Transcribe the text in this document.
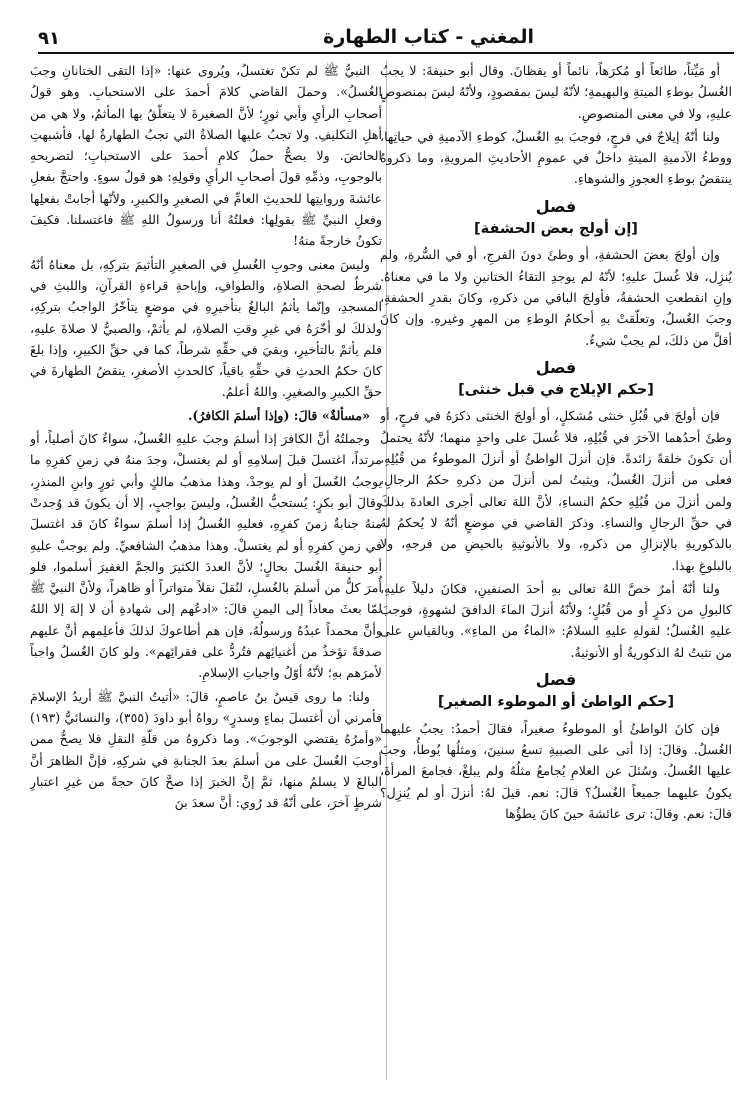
المغني - كتاب الطهارة
٩١

أو مَيِّتاً، طائعاً أو مُكرَهاً، نائماً أو يقظانَ. وقال أبو حنيفةَ: لا يجبُ الغُسلُ بوطءِ الميتةِ والبهيمةِ؛ لأنّهُ ليسَ بمقصودٍ، ولأنّهُ ليسَ بمنصوصٍ عليهِ، ولا في معنى المنصوصِ.

ولنا أنّهُ إيلاجٌ في فرجٍ، فوجبَ بهِ الغُسلُ، كوطءِ الآدميةِ في حياتِها، ووطءُ الآدميةِ الميتةِ داخلٌ في عمومِ الأحاديثِ المرويةِ، وما ذكروهُ ينتقضُ بوطءِ العجوزِ والشوهاءِ.

فصل
[إن أولج بعض الحشفة]

وإن أولجَ بعضَ الحشفةِ، أو وطئَ دونَ الفرجِ، أو في السُّرةِ، ولم يُنزِل، فلا غُسلَ عليهِ؛ لأنّهُ لم يوجدِ التقاءُ الختانينِ ولا ما في معناهُ. وإنِ انقطعتِ الحشفةُ، فأولجَ الباقي من ذكرهِ، وكانَ بقدرِ الحشفةِ، وجبَ الغُسلُ، وتعلّقتْ بهِ أحكامُ الوطءِ من المهرِ وغيرهِ. وإن كانَ أقلَّ من ذلكَ، لم يجبْ شيءٌ.

فصل
[حكم الإيلاج في قبل خنثى]

فإن أولجَ في قُبُلِ خنثى مُشكلٍ، أو أولجَ الخنثى ذكرَهُ في فرجٍ، أو وطئَ أحدُهما الآخرَ في قُبُلِهِ، فلا غُسلَ على واحدٍ منهما؛ لأنّهُ يحتملُ أن تكونَ خلقةً زائدةً. فإن أنزلَ الواطئُ أو أنزلَ الموطوءُ من قُبُلِهِ، فعلى من أنزلَ الغُسلُ، ويثبتُ لمن أنزلَ من ذكرهِ حكمُ الرجالِ، ولمن أنزلَ من قُبُلِهِ حكمُ النساءِ، لأنَّ اللهَ تعالى أجرى العادةَ بذلكَ في حقِّ الرجالِ والنساءِ. وذكرَ القاضي في موضعٍ أنّهُ لا يُحكمُ لهُ بالذكوريةِ بالإنزالِ من ذكرهِ، ولا بالأنوثيةِ بالحيضِ من فرجهِ، ولا بالبلوغِ بهذا.

ولنا أنّهُ أمرٌ خصَّ اللهُ تعالى بهِ أحدَ الصنفينِ، فكانَ دليلاً عليهِ، كالبولِ من ذكرٍ أو من قُبُلٍ؛ ولأنّهُ أنزلَ الماءَ الدافقَ لشهوةٍ، فوجبَ عليهِ الغُسلُ؛ لقولهِ عليهِ السلامُ: «الماءُ من الماءِ». وبالقياسِ على من تثبتُ لهُ الذكوريةُ أو الأنوثيةُ.

فصل
[حكم الواطئ أو الموطوء الصغير]

فإن كانَ الواطئُ أو الموطوءُ صغيراً، فقالَ أحمدُ: يجبُ عليهما الغُسلُ. وقالَ: إذا أتى على الصبيةِ تسعُ سنينَ، ومثلُها يُوطأُ، وجبَ عليها الغُسلُ. وسُئلَ عن الغلامِ يُجامعُ مثلُهُ ولم يبلغْ، فجامعَ المرأةَ، يكونُ عليهما جميعاً الغُسلُ؟ قالَ: نعم. قيلَ لهُ: أنزلَ أو لم يُنزِل؟ قالَ: نعم. وقالَ: ترى عائشةَ حينَ كانَ يطؤُها

النبيُّ ﷺ لم تكنْ تغتسلُ، ويُروى عنها: «إذا التقى الختانانِ وجبَ الغُسلُ». وحملَ القاضي كلامَ أحمدَ على الاستحبابِ. وهو قولُ أصحابِ الرأيِ وأبي ثورٍ؛ لأنَّ الصغيرةَ لا يتعلّقُ بها المأثمُ، ولا هي من أهلِ التكليفِ. ولا تجبُ عليها الصلاةُ التي تجبُ الطهارةُ لها، فأشبهتِ الحائضَ. ولا يصحُّ حملُ كلامِ أحمدَ على الاستحبابِ؛ لتصريحهِ بالوجوبِ، وذمِّهِ قولَ أصحابِ الرأيِ وقولِهِ: هو قولُ سوءٍ. واحتجَّ بفعلِ عائشةَ وروايتِها للحديثِ العامِّ في الصغيرِ والكبيرِ، ولأنّها أجابتْ بفعلِها وفعلِ النبيِّ ﷺ بقولِها: فعلتُهُ أنا ورسولُ اللهِ ﷺ فاغتسلنا. فكيفَ تكونُ خارجةً منهُ!

وليسَ معنى وجوبِ الغُسلِ في الصغيرِ التأثيمَ بتركِهِ، بل معناهُ أنّهُ شرطٌ لصحةِ الصلاةِ، والطوافِ، وإباحةِ قراءةِ القرآنِ، واللبثِ في المسجدِ، وإنّما يأثمُ البالغُ بتأخيرِهِ في موضعٍ يتأخّرُ الواجبُ بتركِهِ، ولذلكَ لو أخّرَهُ في غيرِ وقتِ الصلاةِ، لم يأثمْ، والصبيُّ لا صلاةَ عليهِ، فلم يأثمْ بالتأخيرِ، وبقيَ في حقِّهِ شرطاً، كما في حقِّ الكبيرِ، وإذا بلغَ كانَ حكمُ الحدثِ في حقِّهِ باقياً، كالحدثِ الأصغرِ، ينقضُ الطهارةَ في حقِّ الكبيرِ والصغيرِ. واللهُ أعلمُ.

«مسألةٌ» قالَ: (وإذا أسلمَ الكافرُ).

وجملتُهُ أنَّ الكافرَ إذا أسلمَ وجبَ عليهِ الغُسلُ، سواءٌ كانَ أصلياً، أو مرتداً، اغتسلَ قبلَ إسلامِهِ أو لم يغتسلْ، وجدَ منهُ في زمنِ كفرِهِ ما يوجبُ الغُسلَ أو لم يوجدْ. وهذا مذهبُ مالكٍ وأبي ثورٍ وابنِ المنذرِ، وقالَ أبو بكرٍ: يُستحبُّ الغُسلُ، وليسَ بواجبٍ، إلا أن يكونَ قد وُجدتْ منهُ جنابةٌ زمنَ كفرِهِ، فعليهِ الغُسلُ إذا أسلمَ سواءٌ كانَ قد اغتسلَ في زمنِ كفرِهِ أو لم يغتسلْ. وهذا مذهبُ الشافعيِّ. ولم يوجبْ عليهِ أبو حنيفةَ الغُسلَ بحالٍ؛ لأنَّ العددَ الكثيرَ والجمَّ الغفيرَ أسلموا، فلو أُمرَ كلُّ من أسلمَ بالغُسلِ، لنُقلَ نقلاً متواتراً أو ظاهراً، ولأنَّ النبيَّ ﷺ لمّا بعثَ معاذاً إلى اليمنِ قالَ: «ادعُهم إلى شهادةِ أن لا إلهَ إلا اللهُ وأنَّ محمداً عبدُهُ ورسولُهُ، فإن هم أطاعوكَ لذلكَ فأعلِمهم أنَّ عليهم صدقةً تؤخذُ من أغنيائِهم فتُردُّ على فقرائِهم». ولو كانَ الغُسلُ واجباً لأمرَهم بهِ؛ لأنّهُ أوّلُ واجباتِ الإسلامِ.

ولنا: ما روى قيسُ بنُ عاصمٍ، قالَ: «أتيتُ النبيَّ ﷺ أريدُ الإسلامَ فأمرني أن أغتسلَ بماءٍ وسدرٍ» رواهُ أبو داودَ (٣٥٥)، والنسائيُّ (١٩٣) «وأمرُهُ يقتضي الوجوبَ». وما ذكروهُ من قلّةِ النقلِ فلا يصحُّ ممن أوجبَ الغُسلَ على من أسلمَ بعدَ الجنابةِ في شركِهِ، فإنَّ الظاهرَ أنَّ البالغَ لا يسلمُ منها، ثمَّ إنَّ الخبرَ إذا صحَّ كانَ حجةً من غيرِ اعتبارِ شرطٍ آخرَ، على أنّهُ قد رُوي: أنَّ سعدَ بنَ
